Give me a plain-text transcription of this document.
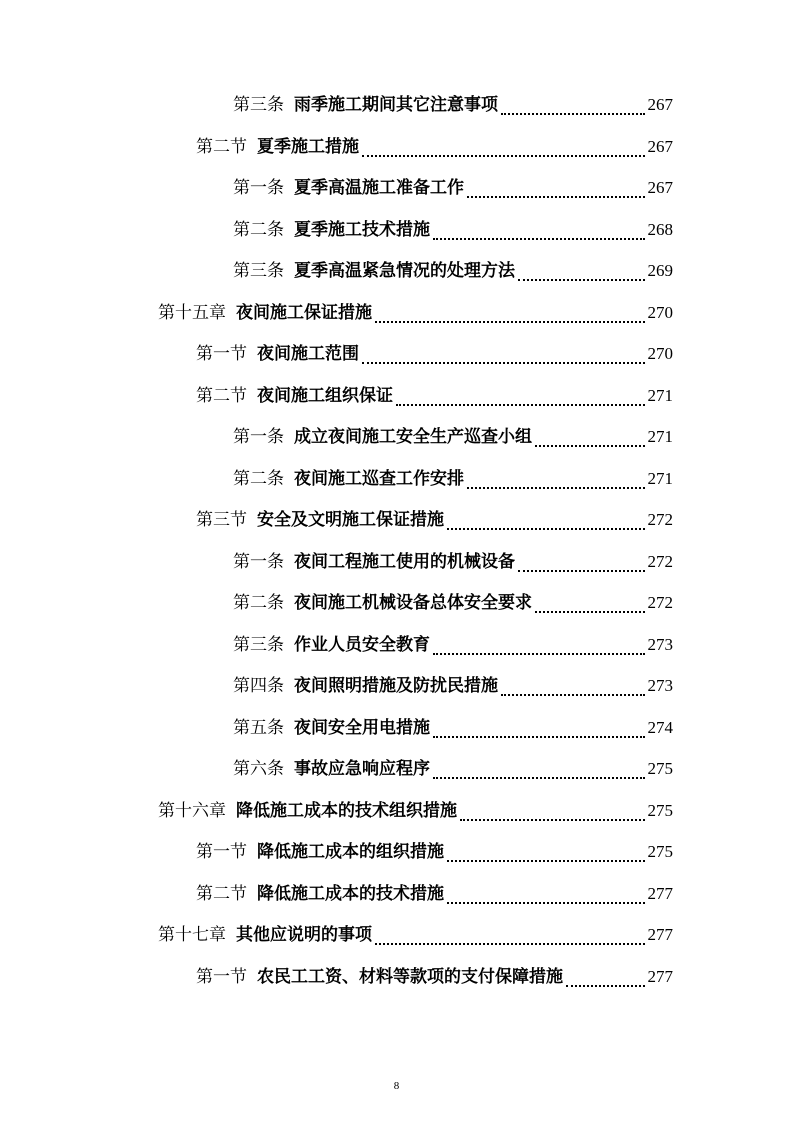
第三条 雨季施工期间其它注意事项	267
第二节 夏季施工措施	267
第一条 夏季高温施工准备工作	267
第二条 夏季施工技术措施	268
第三条 夏季高温紧急情况的处理方法	269
第十五章 夜间施工保证措施	270
第一节 夜间施工范围	270
第二节 夜间施工组织保证	271
第一条 成立夜间施工安全生产巡查小组	271
第二条 夜间施工巡查工作安排	271
第三节 安全及文明施工保证措施	272
第一条 夜间工程施工使用的机械设备	272
第二条 夜间施工机械设备总体安全要求	272
第三条 作业人员安全教育	273
第四条 夜间照明措施及防扰民措施	273
第五条 夜间安全用电措施	274
第六条 事故应急响应程序	275
第十六章 降低施工成本的技术组织措施	275
第一节 降低施工成本的组织措施	275
第二节 降低施工成本的技术措施	277
第十七章 其他应说明的事项	277
第一节 农民工工资、材料等款项的支付保障措施	277
8
